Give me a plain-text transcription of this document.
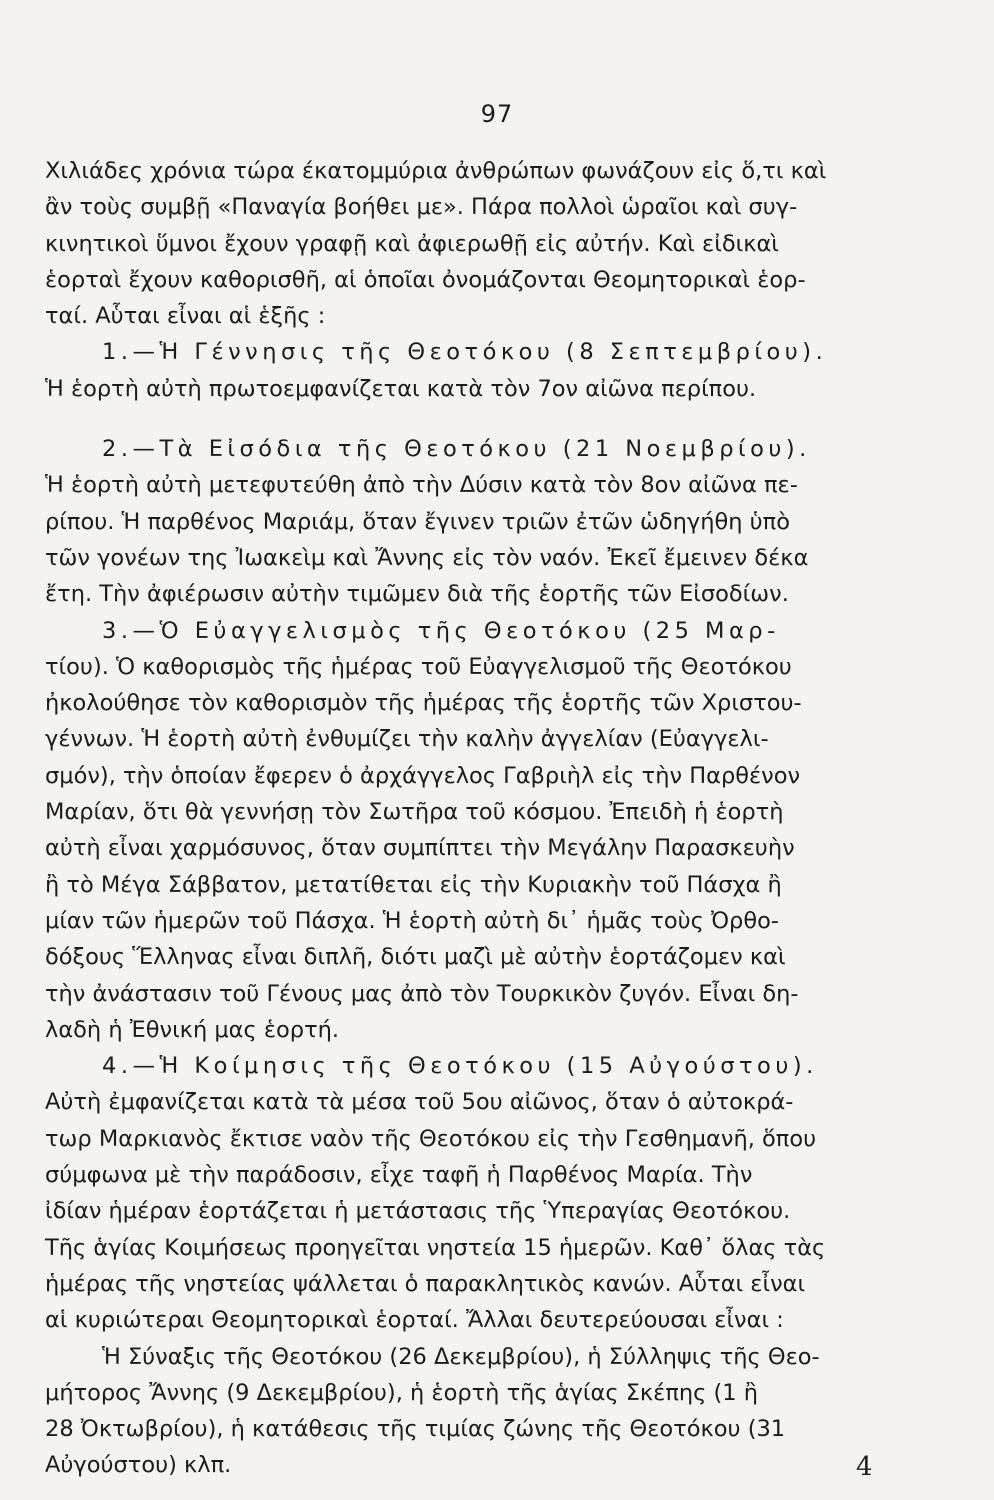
97
Χιλιάδες χρόνια τώρα έκατομμύρια ἀνθρώπων φωνάζουν εἰς ὅ,τι καὶ
ἂν τοὺς συμβῇ «Παναγία βοήθει με». Πάρα πολλοὶ ὡραῖοι καὶ συγ-
κινητικοὶ ὕμνοι ἔχουν γραφῇ καὶ ἀφιερωθῇ εἰς αὐτήν. Καὶ εἰδικαὶ
ἑορταὶ ἔχουν καθορισθῆ, αἱ ὁποῖαι ὀνομάζονται Θεομητορικαὶ ἑορ-
ταί. Αὗται εἶναι αἱ ἑξῆς :
1.—Ἡ Γέννησις τῆς Θεοτόκου (8 Σεπτεμβρίου).
Ἡ ἑορτὴ αὐτὴ πρωτοεμφανίζεται κατὰ τὸν 7ον αἰῶνα περίπου.
2.—Τὰ Εἰσόδια τῆς Θεοτόκου (21 Νοεμβρίου).
Ἡ ἑορτὴ αὐτὴ μετεφυτεύθη ἀπὸ τὴν Δύσιν κατὰ τὸν 8ον αἰῶνα πε-
ρίπου. Ἡ παρθένος Μαριάμ, ὅταν ἔγινεν τριῶν ἐτῶν ὡδηγήθη ὑπὸ
τῶν γονέων της Ἰωακεὶμ καὶ Ἄννης εἰς τὸν ναόν. Ἐκεῖ ἔμεινεν δέκα
ἔτη. Τὴν ἀφιέρωσιν αὐτὴν τιμῶμεν διὰ τῆς ἑορτῆς τῶν Εἰσοδίων.
3.—Ὁ Εὐαγγελισμὸς τῆς Θεοτόκου (25 Μαρ-
τίου). Ὁ καθορισμὸς τῆς ἡμέρας τοῦ Εὐαγγελισμοῦ τῆς Θεοτόκου
ἠκολούθησε τὸν καθορισμὸν τῆς ἡμέρας τῆς ἑορτῆς τῶν Χριστου-
γέννων. Ἡ ἑορτὴ αὐτὴ ἐνθυμίζει τὴν καλὴν ἀγγελίαν (Εὐαγγελι-
σμόν), τὴν ὁποίαν ἔφερεν ὁ ἀρχάγγελος Γαβριὴλ εἰς τὴν Παρθένον
Μαρίαν, ὅτι θὰ γεννήσῃ τὸν Σωτῆρα τοῦ κόσμου. Ἐπειδὴ ἡ ἑορτὴ
αὐτὴ εἶναι χαρμόσυνος, ὅταν συμπίπτει τὴν Μεγάλην Παρασκευὴν
ἢ τὸ Μέγα Σάββατον, μετατίθεται εἰς τὴν Κυριακὴν τοῦ Πάσχα ἢ
μίαν τῶν ἡμερῶν τοῦ Πάσχα. Ἡ ἑορτὴ αὐτὴ δι᾽ ἡμᾶς τοὺς Ὀρθο-
δόξους Ἕλληνας εἶναι διπλῆ, διότι μαζὶ μὲ αὐτὴν ἑορτάζομεν καὶ
τὴν ἀνάστασιν τοῦ Γένους μας ἀπὸ τὸν Τουρκικὸν ζυγόν. Εἶναι δη-
λαδὴ ἡ Ἐθνική μας ἑορτή.
4.—Ἡ Κοίμησις τῆς Θεοτόκου (15 Αὐγούστου).
Αὐτὴ ἐμφανίζεται κατὰ τὰ μέσα τοῦ 5ου αἰῶνος, ὅταν ὁ αὐτοκρά-
τωρ Μαρκιανὸς ἔκτισε ναὸν τῆς Θεοτόκου εἰς τὴν Γεσθημανῆ, ὅπου
σύμφωνα μὲ τὴν παράδοσιν, εἶχε ταφῆ ἡ Παρθένος Μαρία. Τὴν
ἰδίαν ἡμέραν ἑορτάζεται ἡ μετάστασις τῆς Ὑπεραγίας Θεοτόκου.
Τῆς ἁγίας Κοιμήσεως προηγεῖται νηστεία 15 ἡμερῶν. Καθ᾽ ὅλας τὰς
ἡμέρας τῆς νηστείας ψάλλεται ὁ παρακλητικὸς κανών. Αὗται εἶναι
αἱ κυριώτεραι Θεομητορικαὶ ἑορταί. Ἄλλαι δευτερεύουσαι εἶναι :
Ἡ Σύναξις τῆς Θεοτόκου (26 Δεκεμβρίου), ἡ Σύλληψις τῆς Θεο-
μήτορος Ἄννης (9 Δεκεμβρίου), ἡ ἑορτὴ τῆς ἁγίας Σκέπης (1 ἢ
28 Ὀκτωβρίου), ἡ κατάθεσις τῆς τιμίας ζώνης τῆς Θεοτόκου (31
Αὐγούστου) κλπ.	4
